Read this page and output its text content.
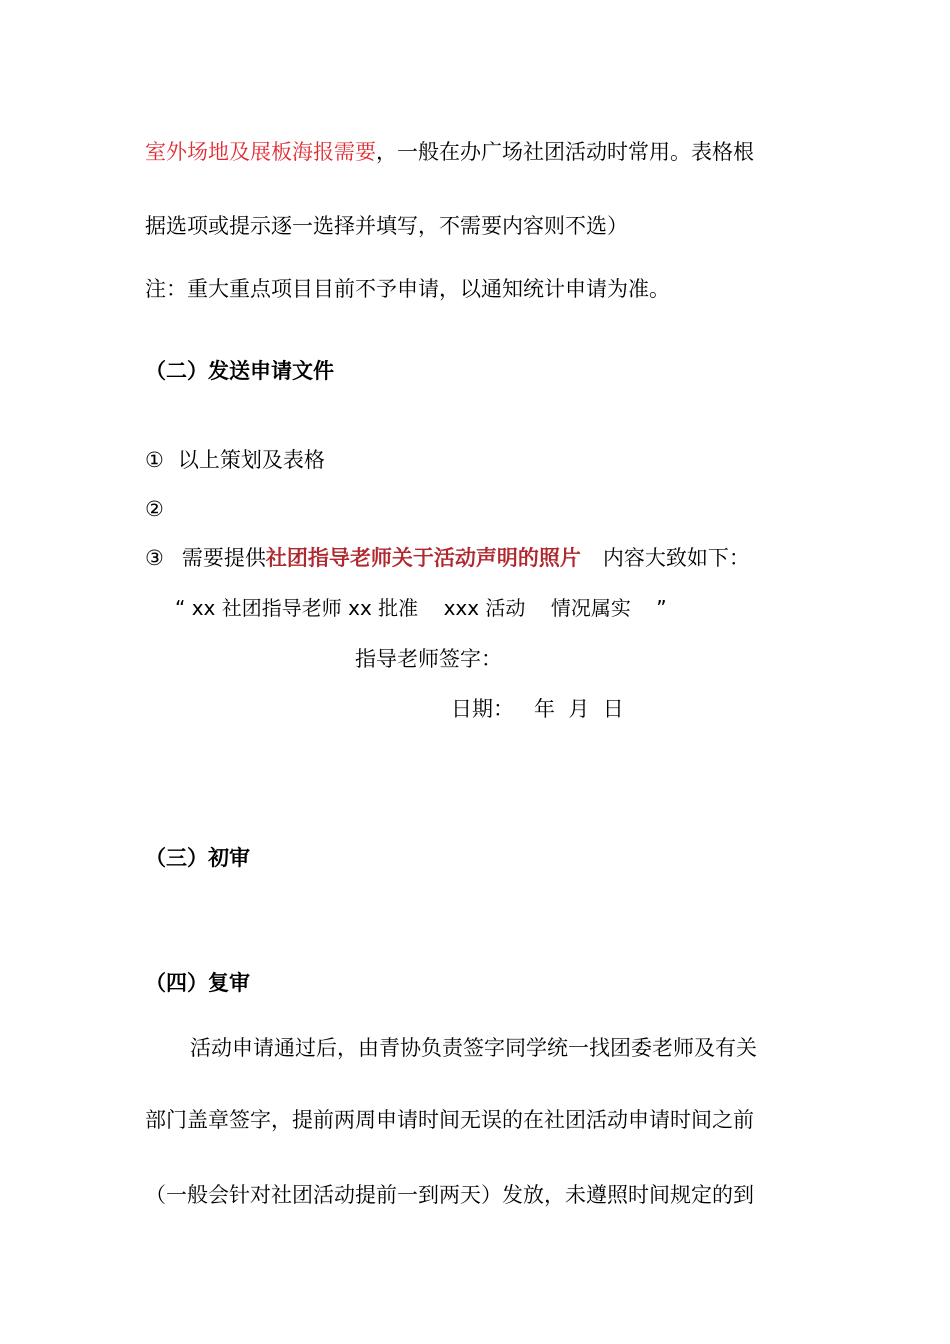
室外场地及展板海报需要，一般在办广场社团活动时常用。表格根
据选项或提示逐一选择并填写，不需要内容则不选）
注：重大重点项目目前不予申请，以通知统计申请为准。
（二）发送申请文件
① 以上策划及表格
②
③ 需要提供社团指导老师关于活动声明的照片 内容大致如下：
“ xx 社团指导老师 xx 批准    xxx 活动    情况属实    ”
指导老师签字：
日期：   年  月  日
（三）初审
（四）复审
活动申请通过后，由青协负责签字同学统一找团委老师及有关
部门盖章签字，提前两周申请时间无误的在社团活动申请时间之前
（一般会针对社团活动提前一到两天）发放，未遵照时间规定的到
